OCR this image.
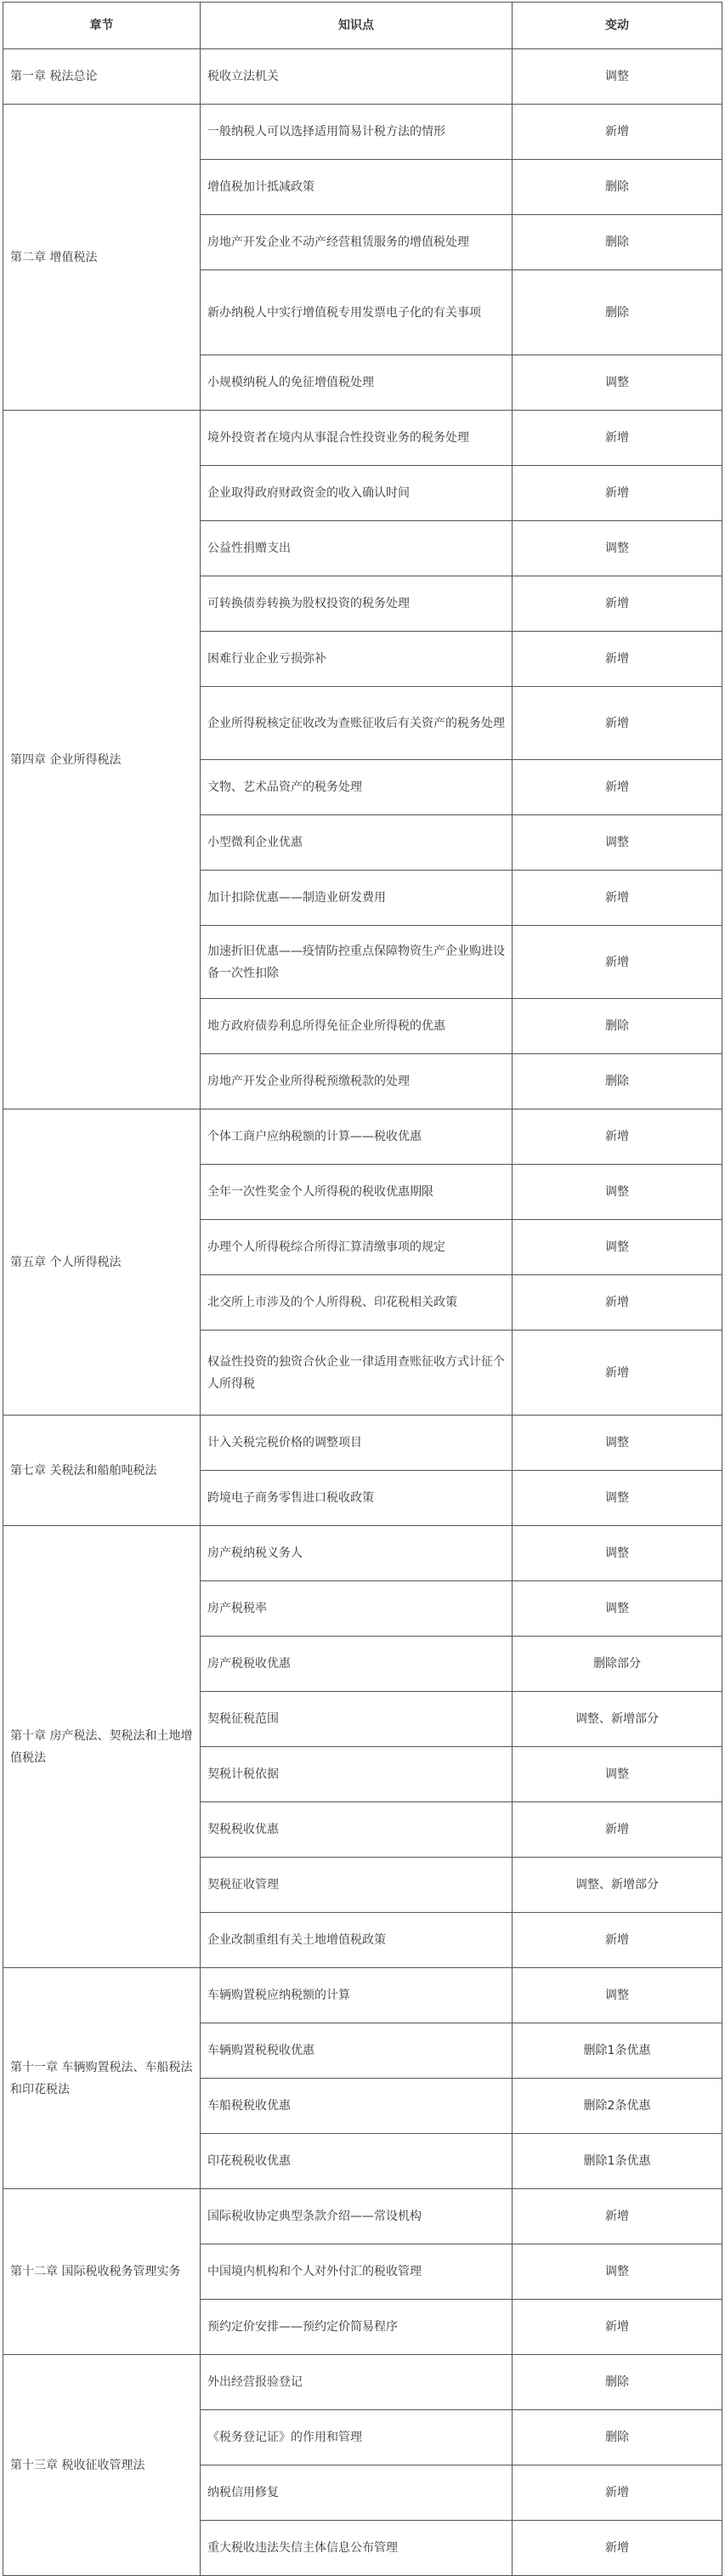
章节	知识点	变动
第一章 税法总论	税收立法机关	调整
第二章 增值税法	一般纳税人可以选择适用简易计税方法的情形	新增
	增值税加计抵减政策	删除
	房地产开发企业不动产经营租赁服务的增值税处理	删除
	新办纳税人中实行增值税专用发票电子化的有关事项	删除
	小规模纳税人的免征增值税处理	调整
第四章 企业所得税法	境外投资者在境内从事混合性投资业务的税务处理	新增
	企业取得政府财政资金的收入确认时间	新增
	公益性捐赠支出	调整
	可转换债券转换为股权投资的税务处理	新增
	困难行业企业亏损弥补	新增
	企业所得税核定征收改为查账征收后有关资产的税务处理	新增
	文物、艺术品资产的税务处理	新增
	小型微利企业优惠	调整
	加计扣除优惠——制造业研发费用	新增
	加速折旧优惠——疫情防控重点保障物资生产企业购进设备一次性扣除	新增
	地方政府债券利息所得免征企业所得税的优惠	删除
	房地产开发企业所得税预缴税款的处理	删除
第五章 个人所得税法	个体工商户应纳税额的计算——税收优惠	新增
	全年一次性奖金个人所得税的税收优惠期限	调整
	办理个人所得税综合所得汇算清缴事项的规定	调整
	北交所上市涉及的个人所得税、印花税相关政策	新增
	权益性投资的独资合伙企业一律适用查账征收方式计征个人所得税	新增
第七章 关税法和船舶吨税法	计入关税完税价格的调整项目	调整
	跨境电子商务零售进口税收政策	调整
第十章 房产税法、契税法和土地增值税法	房产税纳税义务人	调整
	房产税税率	调整
	房产税税收优惠	删除部分
	契税征税范围	调整、新增部分
	契税计税依据	调整
	契税税收优惠	新增
	契税征收管理	调整、新增部分
	企业改制重组有关土地增值税政策	新增
第十一章 车辆购置税法、车船税法和印花税法	车辆购置税应纳税额的计算	调整
	车辆购置税税收优惠	删除1条优惠
	车船税税收优惠	删除2条优惠
	印花税税收优惠	删除1条优惠
第十二章 国际税收税务管理实务	国际税收协定典型条款介绍——常设机构	新增
	中国境内机构和个人对外付汇的税收管理	调整
	预约定价安排——预约定价简易程序	新增
第十三章 税收征收管理法	外出经营报验登记	删除
	《税务登记证》的作用和管理	删除
	纳税信用修复	新增
	重大税收违法失信主体信息公布管理	新增
